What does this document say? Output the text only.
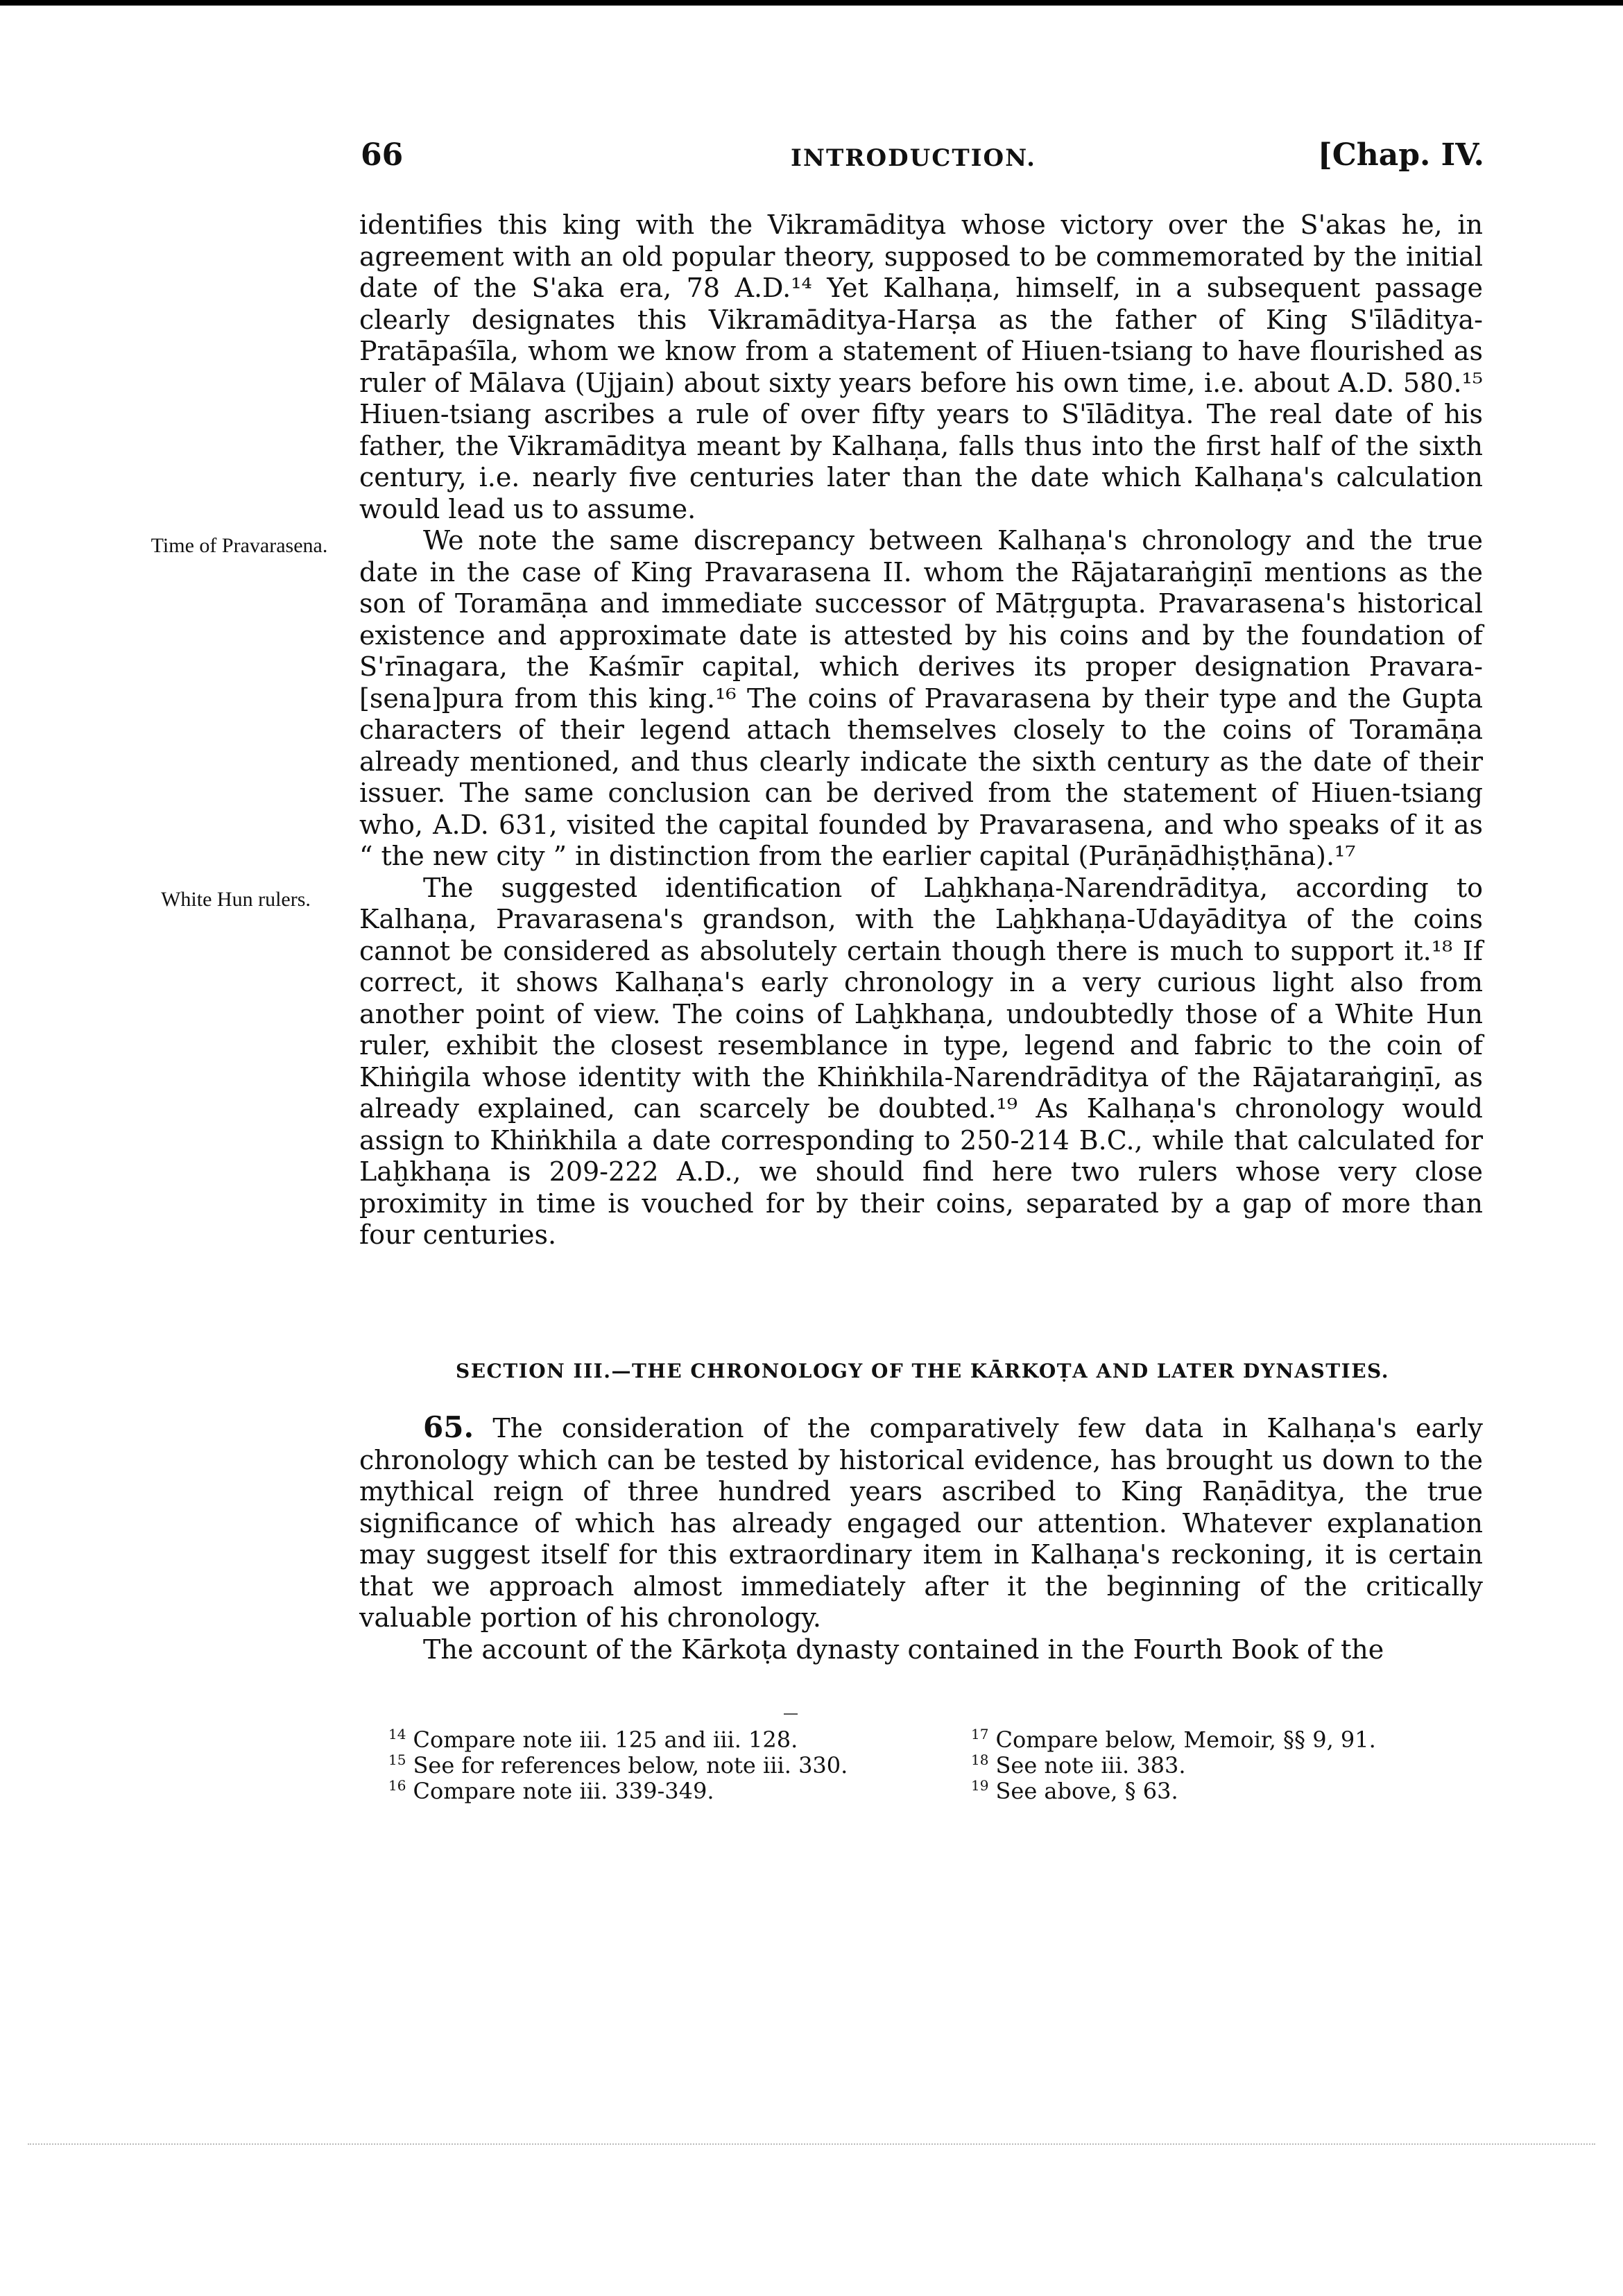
66	INTRODUCTION.	[Chap. IV.
Time of Pravarasena.
White Hun rulers.

identifies this king with the Vikramāditya whose victory over the S'akas he, in agreement with an old popular theory, supposed to be commemorated by the initial date of the S'aka era, 78 A.D.¹⁴ Yet Kalhaṇa, himself, in a subsequent passage clearly designates this Vikramāditya-Harṣa as the father of King S'īlāditya-Pratāpaśīla, whom we know from a statement of Hiuen-tsiang to have flourished as ruler of Mālava (Ujjain) about sixty years before his own time, i.e. about A.D. 580.¹⁵ Hiuen-tsiang ascribes a rule of over fifty years to S'īlāditya. The real date of his father, the Vikramāditya meant by Kalhaṇa, falls thus into the first half of the sixth century, i.e. nearly five centuries later than the date which Kalhaṇa's calculation would lead us to assume.

We note the same discrepancy between Kalhaṇa's chronology and the true date in the case of King Pravarasena II. whom the Rājataraṅgiṇī mentions as the son of Toramāṇa and immediate successor of Mātṛgupta. Pravarasena's historical existence and approximate date is attested by his coins and by the foundation of S'rīnagara, the Kaśmīr capital, which derives its proper designation Pravara-[sena]pura from this king.¹⁶ The coins of Pravarasena by their type and the Gupta characters of their legend attach themselves closely to the coins of Toramāṇa already mentioned, and thus clearly indicate the sixth century as the date of their issuer. The same conclusion can be derived from the statement of Hiuen-tsiang who, A.D. 631, visited the capital founded by Pravarasena, and who speaks of it as “ the new city ” in distinction from the earlier capital (Purāṇādhiṣṭhāna).¹⁷

The suggested identification of Laḫkhaṇa-Narendrāditya, according to Kalhaṇa, Pravarasena's grandson, with the Laḫkhaṇa-Udayāditya of the coins cannot be considered as absolutely certain though there is much to support it.¹⁸ If correct, it shows Kalhaṇa's early chronology in a very curious light also from another point of view. The coins of Laḫkhaṇa, undoubtedly those of a White Hun ruler, exhibit the closest resemblance in type, legend and fabric to the coin of Khiṅgila whose identity with the Khiṅkhila-Narendrāditya of the Rājataraṅgiṇī, as already explained, can scarcely be doubted.¹⁹ As Kalhaṇa's chronology would assign to Khiṅkhila a date corresponding to 250-214 B.C., while that calculated for Laḫkhaṇa is 209-222 A.D., we should find here two rulers whose very close proximity in time is vouched for by their coins, separated by a gap of more than four centuries.

SECTION III.—THE CHRONOLOGY OF THE KĀRKOṬA AND LATER DYNASTIES.

65. The consideration of the comparatively few data in Kalhaṇa's early chronology which can be tested by historical evidence, has brought us down to the mythical reign of three hundred years ascribed to King Raṇāditya, the true significance of which has already engaged our attention. Whatever explanation may suggest itself for this extraordinary item in Kalhaṇa's reckoning, it is certain that we approach almost immediately after it the beginning of the critically valuable portion of his chronology.

The account of the Kārkoṭa dynasty contained in the Fourth Book of the

$^{14}$ Compare note iii. 125 and iii. 128.
$^{15}$ See for references below, note iii. 330.
$^{16}$ Compare note iii. 339-349.
$^{17}$ Compare below, Memoir, §§ 9, 91.
$^{18}$ See note iii. 383.
$^{19}$ See above, § 63.
